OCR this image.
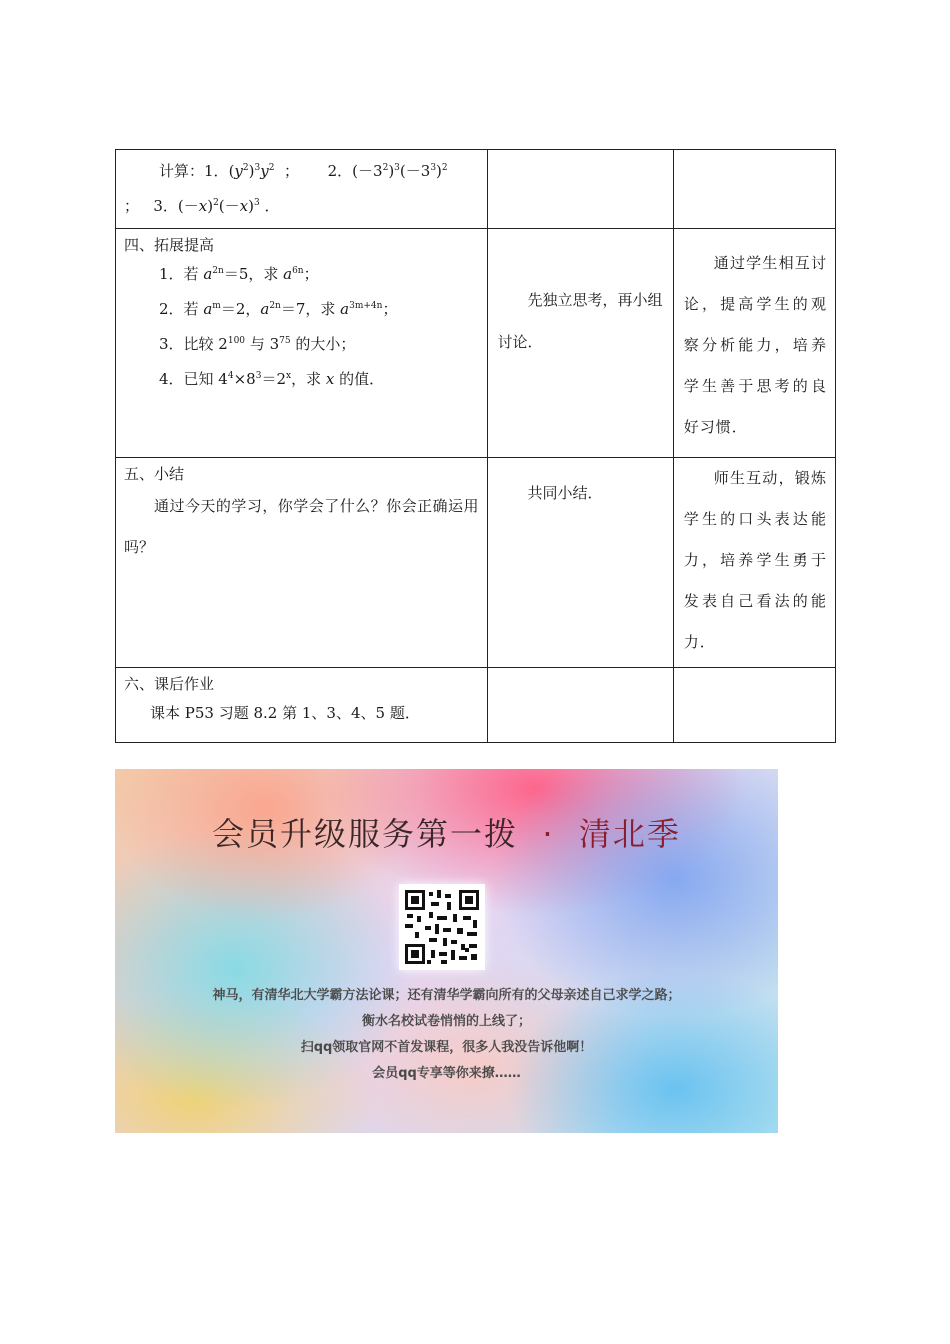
计算：1．$(y^2)^3y^2$ ； 2．$(-3^2)^3(-3^3)^2$
； 3．$(-x)^2(-x)^3$ ．		

四、拓展提高
1．若 $a^{2n}=5$，求 $a^{6n}$；
2．若 $a^m=2$，$a^{2n}=7$，求 $a^{3m+4n}$；
3．比较 $2^{100}$ 与 $3^{75}$ 的大小；
4．已知 $4^4\times 8^3=2^x$，求 x 的值．	先独立思考，再小组讨论．	通过学生相互讨论，提高学生的观察分析能力，培养学生善于思考的良好习惯．

五、小结
通过今天的学习，你学会了什么？你会正确运用吗？	共同小结．	师生互动，锻炼学生的口头表达能力，培养学生勇于发表自己看法的能力．

六、课后作业
课本 P53 习题 8.2 第 1、3、4、5 题．		

会员升级服务第一拨 · 清北季
神马，有清华北大学霸方法论课；还有清华学霸向所有的父母亲述自己求学之路；
衡水名校试卷悄悄的上线了；
扫qq领取官网不首发课程，很多人我没告诉他啊！
会员qq专享等你来撩……
